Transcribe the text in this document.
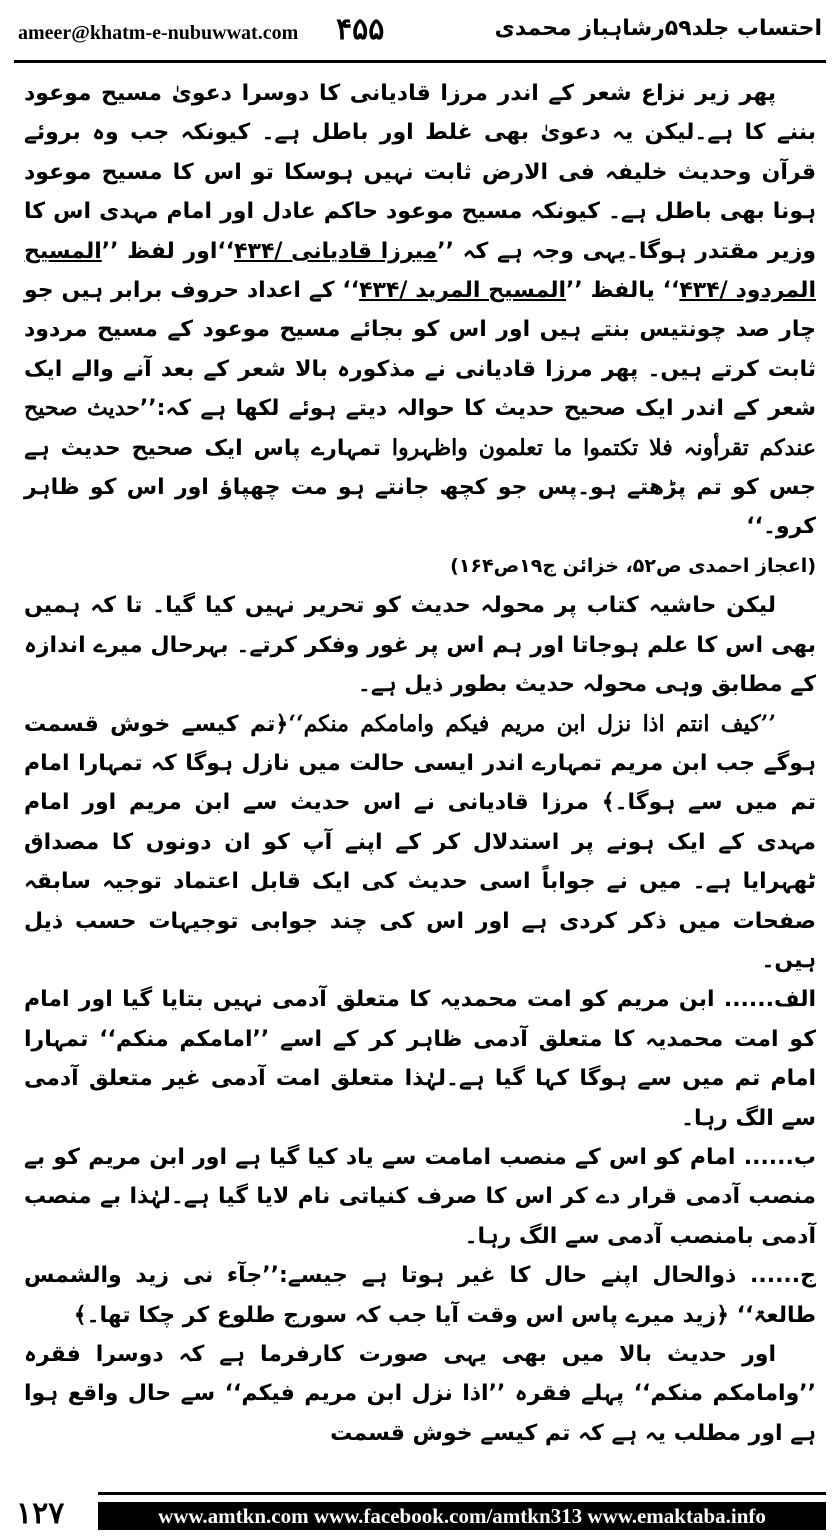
ameer@khatm-e-nubuwwat.com ۴۵۵	احتساب جلد۵۹رشاہباز محمدی

پھر زیر نزاع شعر کے اندر مرزا قادیانی کا دوسرا دعویٰ مسیح موعود بننے کا ہے۔لیکن یہ دعویٰ بھی غلط اور باطل ہے۔ کیونکہ جب وہ بروئے قرآن وحدیث خلیفہ فی الارض ثابت نہیں ہوسکا تو اس کا مسیح موعود ہونا بھی باطل ہے۔ کیونکہ مسیح موعود حاکم عادل اور امام مہدی اس کا وزیر مقتدر ہوگا۔یہی وجہ ہے کہ ’’میرزا قادیانی /۴۳۴‘‘اور لفظ ’’المسیح المردود /۴۳۴‘‘ یالفظ ’’المسیح المرید /۴۳۴‘‘ کے اعداد حروف برابر ہیں جو چار صد چونتیس بنتے ہیں اور اس کو بجائے مسیح موعود کے مسیح مردود ثابت کرتے ہیں۔ پھر مرزا قادیانی نے مذکورہ بالا شعر کے بعد آنے والے ایک شعر کے اندر ایک صحیح حدیث کا حوالہ دیتے ہوئے لکھا ہے کہ:’’حدیث صحیح عندکم تقرأونہ فلا تکتموا ما تعلمون واظہروا تمہارے پاس ایک صحیح حدیث ہے جس کو تم پڑھتے ہو۔پس جو کچھ جانتے ہو مت چھپاؤ اور اس کو ظاہر کرو۔‘‘

(اعجاز احمدی ص۵۲، خزائن ج۱۹ص۱۶۴)

لیکن حاشیہ کتاب پر محولہ حدیث کو تحریر نہیں کیا گیا۔ تا کہ ہمیں بھی اس کا علم ہوجاتا اور ہم اس پر غور وفکر کرتے۔ بہرحال میرے اندازہ کے مطابق وہی محولہ حدیث بطور ذیل ہے۔

’’کیف انتم اذا نزل ابن مریم فیکم وامامکم منکم‘‘﴿تم کیسے خوش قسمت ہوگے جب ابن مریم تمہارے اندر ایسی حالت میں نازل ہوگا کہ تمہارا امام تم میں سے ہوگا۔﴾ مرزا قادیانی نے اس حدیث سے ابن مریم اور امام مہدی کے ایک ہونے پر استدلال کر کے اپنے آپ کو ان دونوں کا مصداق ٹھہرایا ہے۔ میں نے جواباً اسی حدیث کی ایک قابل اعتماد توجیہ سابقہ صفحات میں ذکر کردی ہے اور اس کی چند جوابی توجیہات حسب ذیل ہیں۔

الف...... ابن مریم کو امت محمدیہ کا متعلق آدمی نہیں بتایا گیا اور امام کو امت محمدیہ کا متعلق آدمی ظاہر کر کے اسے ’’امامکم منکم‘‘ تمہارا امام تم میں سے ہوگا کہا گیا ہے۔لہٰذا متعلق امت آدمی غیر متعلق آدمی سے الگ رہا۔

ب...... امام کو اس کے منصب امامت سے یاد کیا گیا ہے اور ابن مریم کو بے منصب آدمی قرار دے کر اس کا صرف کنیاتی نام لایا گیا ہے۔لہٰذا بے منصب آدمی بامنصب آدمی سے الگ رہا۔

ج...... ذوالحال اپنے حال کا غیر ہوتا ہے جیسے:’’جآء نی زید والشمس طالعۃ‘‘ ﴿زید میرے پاس اس وقت آیا جب کہ سورج طلوع کر چکا تھا۔﴾

اور حدیث بالا میں بھی یہی صورت کارفرما ہے کہ دوسرا فقرہ ’’وامامکم منکم‘‘ پہلے فقرہ ’’اذا نزل ابن مریم فیکم‘‘ سے حال واقع ہوا ہے اور مطلب یہ ہے کہ تم کیسے خوش قسمت

۱۲۷	www.amtkn.com www.facebook.com/amtkn313 www.emaktaba.info
